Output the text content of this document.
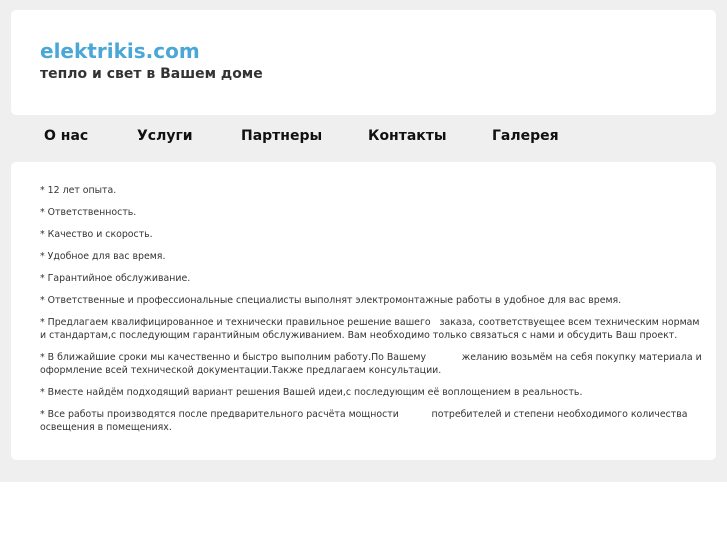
elektrikis.com
тепло и свет в Вашем доме
О нас	Услуги	Партнеры	Контакты	Галерея
* 12 лет опыта.
* Ответственность.
* Качество и скорость.
* Удобное для вас время.
* Гарантийное обслуживание.
* Ответственные и профессиональные специалисты выполнят электромонтажные работы в удобное для вас время.
* Предлагаем квалифицированное и технически правильное решение вашего   заказа, соответствуещее всем техническим нормам и стандартам,с последующим гарантийным обслуживанием. Вам необходимо только связаться с нами и обсудить Ваш проект.
* В ближайшие сроки мы качественно и быстро выполним работу.По Вашему            желанию возьмём на себя покупку материала и оформление всей технической документации.Также предлагаем консультации.
* Вместе найдём подходящий вариант решения Вашей идеи,с последующим её воплощением в реальность.
* Все работы производятся после предварительного расчёта мощности           потребителей и степени необходимого количества освещения в помещениях.
